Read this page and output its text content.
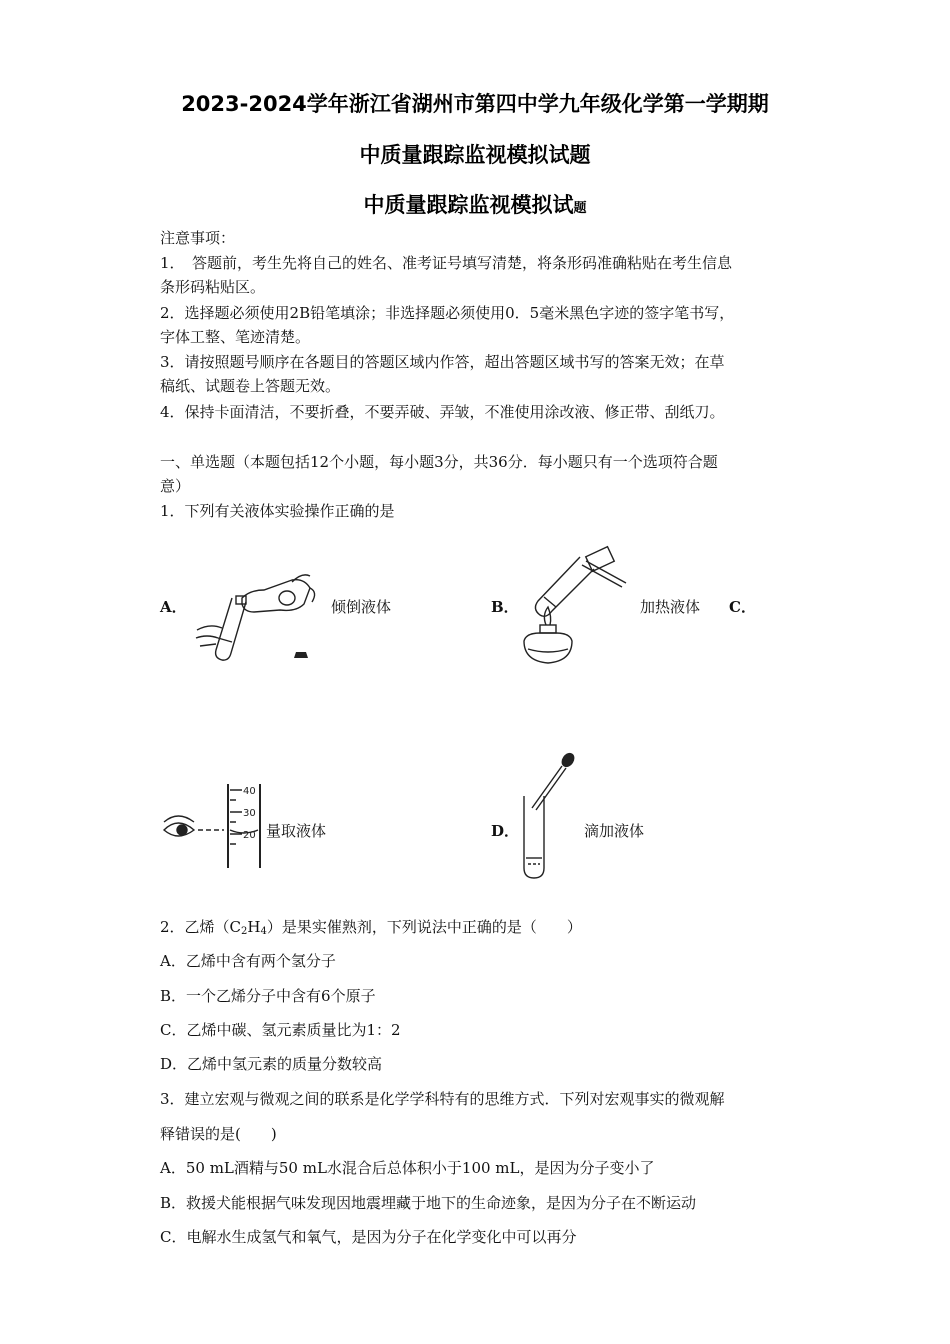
2023-2024学年浙江省湖州市第四中学九年级化学第一学期期
中质量跟踪监视模拟试题
中质量跟踪监视模拟试题
注意事项：
1．　答题前，考生先将自己的姓名、准考证号填写清楚，将条形码准确粘贴在考生信息
条形码粘贴区。
2．选择题必须使用2B铅笔填涂；非选择题必须使用0．5毫米黑色字迹的签字笔书写，
字体工整、笔迹清楚。
3．请按照题号顺序在各题目的答题区域内作答，超出答题区域书写的答案无效；在草
稿纸、试题卷上答题无效。
4．保持卡面清洁，不要折叠，不要弄破、弄皱，不准使用涂改液、修正带、刮纸刀。
一、单选题（本题包括12个小题，每小题3分，共36分．每小题只有一个选项符合题
意）
1．下列有关液体实验操作正确的是
A．	倾倒液体	B．	加热液体 C．
40
30
20 量取液体	D．	滴加液体
2．乙烯$(C_2H_4)$是果实催熟剂，下列说法中正确的是（　　）
A．乙烯中含有两个氢分子
B．一个乙烯分子中含有6个原子
C．乙烯中碳、氢元素质量比为1：2
D．乙烯中氢元素的质量分数较高
3．建立宏观与微观之间的联系是化学学科特有的思维方式．下列对宏观事实的微观解
释错误的是(　　)
A．50 mL酒精与50 mL水混合后总体积小于100 mL，是因为分子变小了
B．救援犬能根据气味发现因地震埋藏于地下的生命迹象，是因为分子在不断运动
C．电解水生成氢气和氧气，是因为分子在化学变化中可以再分
